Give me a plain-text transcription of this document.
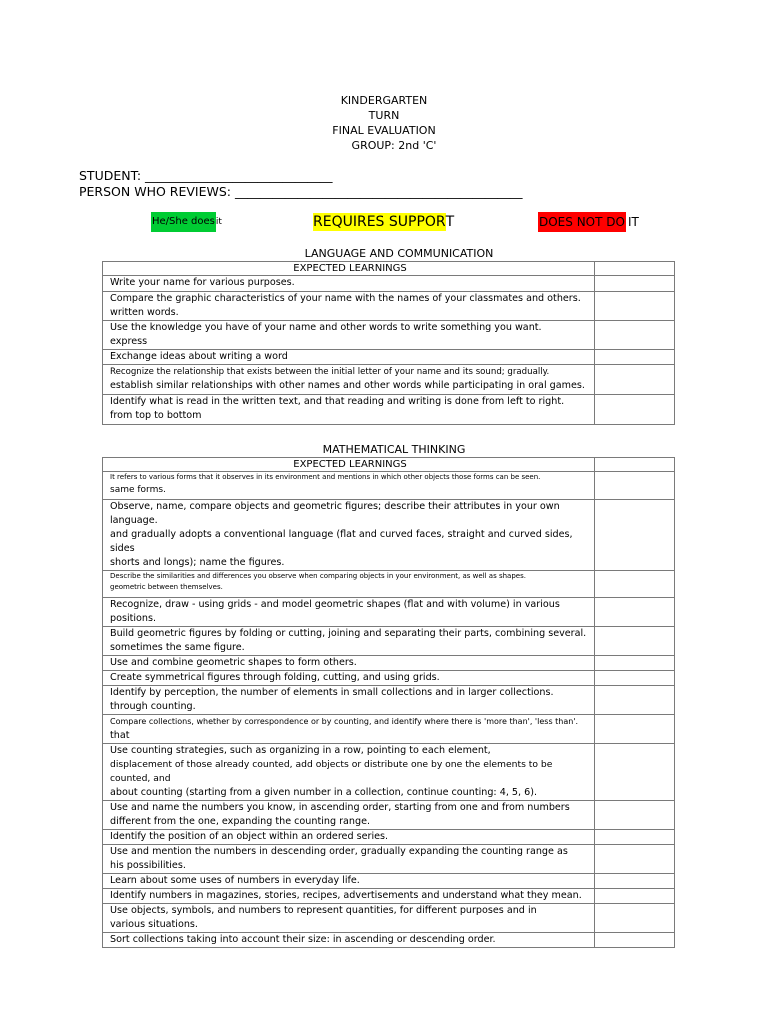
KINDERGARTEN
TURN
FINAL EVALUATION
GROUP: 2nd 'C'
STUDENT: ______________________________
PERSON WHO REVIEWS: ______________________________________________
He/She doesit	REQUIRES SUPPORT	DOES NOT DO IT
LANGUAGE AND COMMUNICATION
EXPECTED LEARNINGS	
Write your name for various purposes.	
Compare the graphic characteristics of your name with the names of your classmates and others.
written words.	
Use the knowledge you have of your name and other words to write something you want.
express	
Exchange ideas about writing a word	
Recognize the relationship that exists between the initial letter of your name and its sound; gradually.
establish similar relationships with other names and other words while participating in oral games.	
Identify what is read in the written text, and that reading and writing is done from left to right.
from top to bottom	
MATHEMATICAL THINKING
EXPECTED LEARNINGS	

It refers to various forms that it observes in its environment and mentions in which other objects those forms can be seen.
same forms.	
Observe, name, compare objects and geometric figures; describe their attributes in your own language.
and gradually adopts a conventional language (flat and curved faces, straight and curved sides, sides
shorts and longs); name the figures.	

Describe the similarities and differences you observe when comparing objects in your environment, as well as shapes.
geometric between themselves.	

Recognize, draw - using grids - and model geometric shapes (flat and with volume) in various
positions.	
Build geometric figures by folding or cutting, joining and separating their parts, combining several.
sometimes the same figure.	
Use and combine geometric shapes to form others.	
Create symmetrical figures through folding, cutting, and using grids.	
Identify by perception, the number of elements in small collections and in larger collections.
through counting.	
Compare collections, whether by correspondence or by counting, and identify where there is 'more than', 'less than'.
that	
Use counting strategies, such as organizing in a row, pointing to each element,
displacement of those already counted, add objects or distribute one by one the elements to be counted, and
about counting (starting from a given number in a collection, continue counting: 4, 5, 6).	
Use and name the numbers you know, in ascending order, starting from one and from numbers
different from the one, expanding the counting range.	
Identify the position of an object within an ordered series.	
Use and mention the numbers in descending order, gradually expanding the counting range as
his possibilities.	
Learn about some uses of numbers in everyday life.	
Identify numbers in magazines, stories, recipes, advertisements and understand what they mean.	
Use objects, symbols, and numbers to represent quantities, for different purposes and in
various situations.	
Sort collections taking into account their size: in ascending or descending order.	
